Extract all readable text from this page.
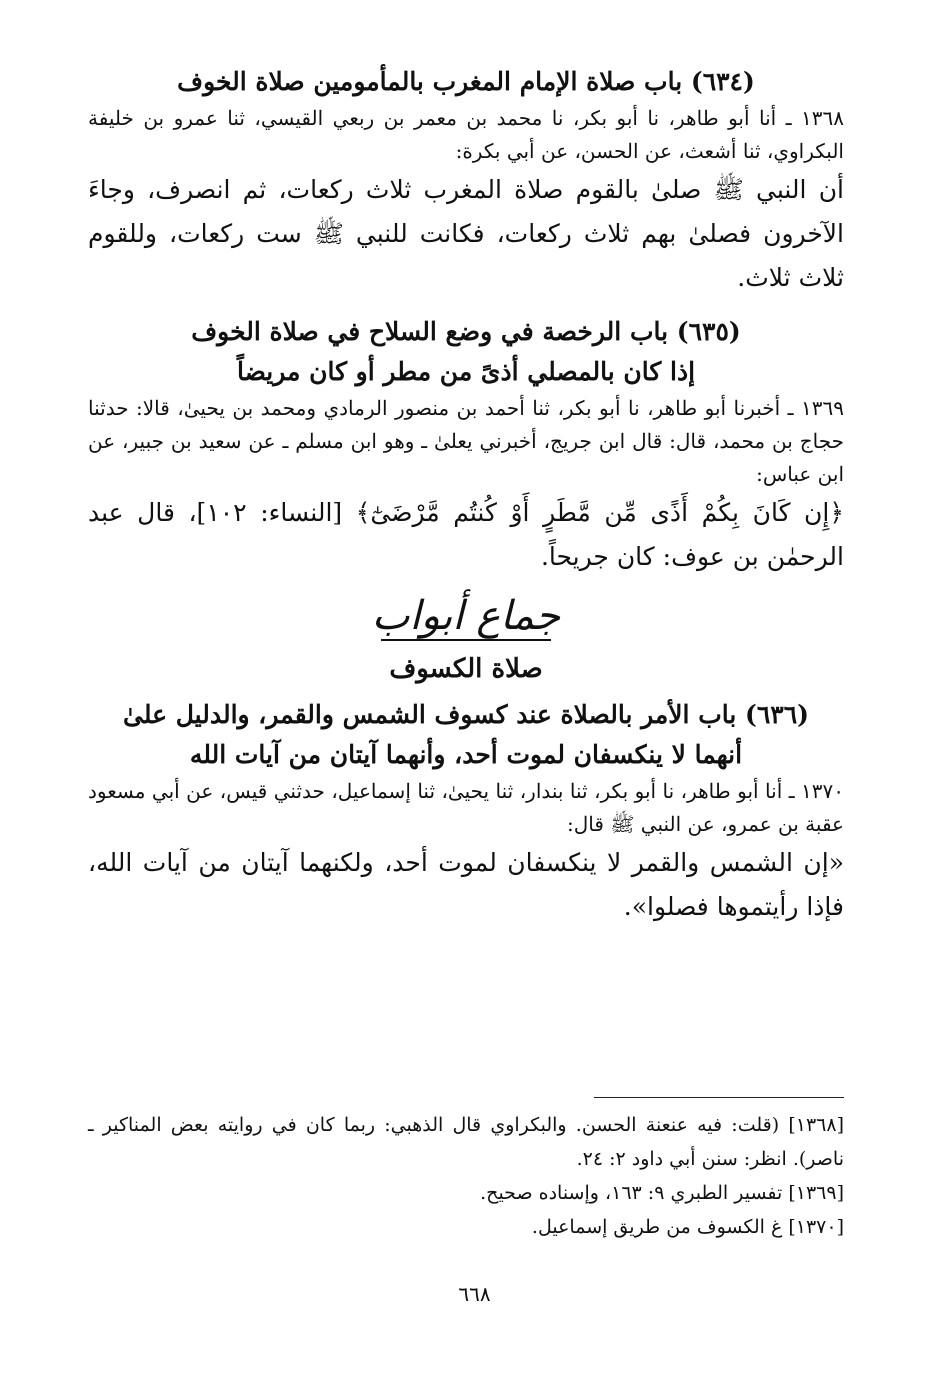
(٦٣٤) باب صلاة الإمام المغرب بالمأمومين صلاة الخوف

١٣٦٨ ـ أنا أبو طاهر، نا أبو بكر، نا محمد بن معمر بن ربعي القيسي، ثنا عمرو بن خليفة البكراوي، ثنا أشعث، عن الحسن، عن أبي بكرة:

أن النبي ﷺ صلىٰ بالقوم صلاة المغرب ثلاث ركعات، ثم انصرف، وجاءَ الآخرون فصلىٰ بهم ثلاث ركعات، فكانت للنبي ﷺ ست ركعات، وللقوم ثلاث ثلاث.

(٦٣٥) باب الرخصة في وضع السلاح في صلاة الخوف
إذا كان بالمصلي أذىً من مطر أو كان مريضاً

١٣٦٩ ـ أخبرنا أبو طاهر، نا أبو بكر، ثنا أحمد بن منصور الرمادي ومحمد بن يحيىٰ، قالا: حدثنا حجاج بن محمد، قال: قال ابن جريج، أخبرني يعلىٰ ـ وهو ابن مسلم ـ عن سعيد بن جبير، عن ابن عباس:

﴿إِن كَانَ بِكُمْ أَذًى مِّن مَّطَرٍ أَوْ كُنتُم مَّرْضَىٰٓ﴾ [النساء: ١٠٢]، قال عبد الرحمٰن بن عوف: كان جريحاً.

جماع أبواب
صلاة الكسوف
(٦٣٦) باب الأمر بالصلاة عند كسوف الشمس والقمر، والدليل علىٰ
أنهما لا ينكسفان لموت أحد، وأنهما آيتان من آيات الله

١٣٧٠ ـ أنا أبو طاهر، نا أبو بكر، ثنا بندار، ثنا يحيىٰ، ثنا إسماعيل، حدثني قيس، عن أبي مسعود عقبة بن عمرو، عن النبي ﷺ قال:

«إن الشمس والقمر لا ينكسفان لموت أحد، ولكنهما آيتان من آيات الله، فإذا رأيتموها فصلوا».

[١٣٦٨] (قلت: فيه عنعنة الحسن. والبكراوي قال الذهبي: ربما كان في روايته بعض المناكير ـ ناصر). انظر: سنن أبي داود ٢: ٢٤.

[١٣٦٩] تفسير الطبري ٩: ١٦٣، وإسناده صحيح.

[١٣٧٠] غ الكسوف من طريق إسماعيل.

٦٦٨
